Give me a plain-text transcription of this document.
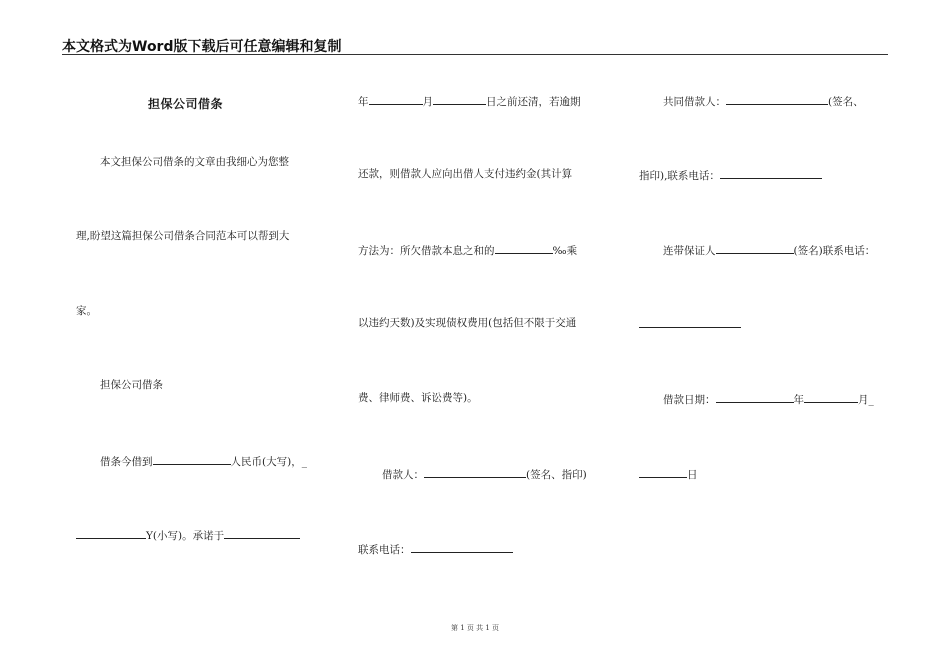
本文格式为Word版下载后可任意编辑和复制
担保公司借条
本文担保公司借条的文章由我细心为您整
理,盼望这篇担保公司借条合同范本可以帮到大
家。
担保公司借条
借条今借到	人民币(大写)，_
Y(小写)。承诺于
年	月	日之前还清，若逾期
还款，则借款人应向出借人支付违约金(其计算
方法为：所欠借款本息之和的	‰乘
以违约天数)及实现债权费用(包括但不限于交通
费、律师费、诉讼费等)。
借款人：	(签名、指印)
联系电话：
共同借款人：	(签名、
指印),联系电话：
连带保证人	(签名)联系电话：
借款日期：	年	月_
日
第 1 页 共 1 页
